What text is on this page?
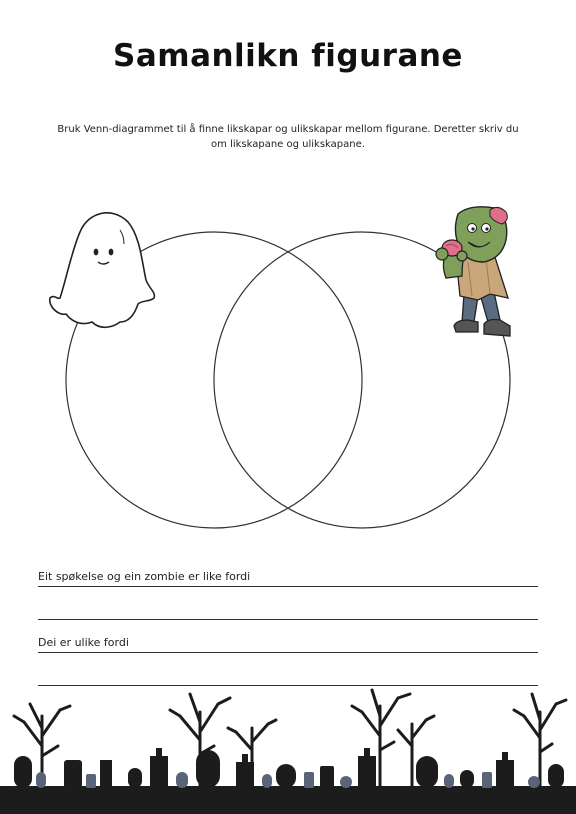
Samanlikn figurane
Bruk Venn-diagrammet til å finne likskapar og ulikskapar mellom figurane. Deretter skriv du om likskapane og ulikskapane.
Eit spøkelse og ein zombie er like fordi
Dei er ulike fordi
